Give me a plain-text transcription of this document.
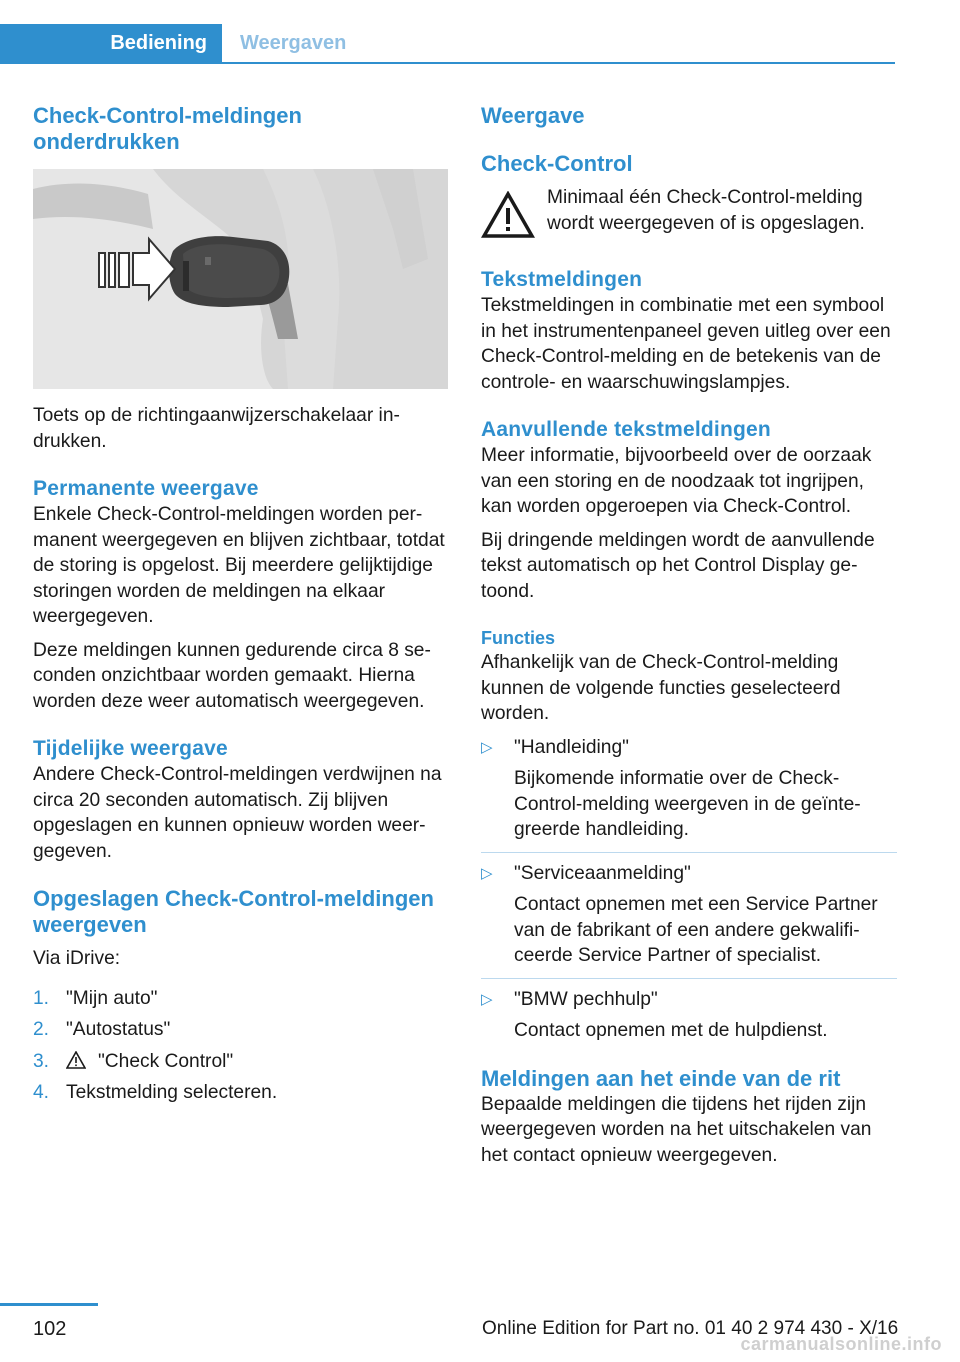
Bediening	Weergaven
Check-Control-meldingen onderdrukken

Toets op de richtingaanwijzerschakelaar indrukken.

Permanente weergave

Enkele Check-Control-meldingen worden permanent weergegeven en blijven zichtbaar, totdat de storing is opgelost. Bij meerdere gelijktijdige storingen worden de meldingen na elkaar weergegeven.

Deze meldingen kunnen gedurende circa 8 seconden onzichtbaar worden gemaakt. Hierna worden deze weer automatisch weergegeven.

Tijdelijke weergave

Andere Check-Control-meldingen verdwijnen na circa 20 seconden automatisch. Zij blijven opgeslagen en kunnen opnieuw worden weergegeven.

Opgeslagen Check-Control-meldingen weergeven

Via iDrive:

1. "Mijn auto"
2. "Autostatus"
3.	"Check Control"
4. Tekstmelding selecteren.
Weergave
Check-Control

Minimaal één Check-Control-melding wordt weergegeven of is opgeslagen.

Tekstmeldingen

Tekstmeldingen in combinatie met een symbool in het instrumentenpaneel geven uitleg over een Check-Control-melding en de betekenis van de controle- en waarschuwingslampjes.

Aanvullende tekstmeldingen

Meer informatie, bijvoorbeeld over de oorzaak van een storing en de noodzaak tot ingrijpen, kan worden opgeroepen via Check-Control.

Bij dringende meldingen wordt de aanvullende tekst automatisch op het Control Display getoond.

Functies

Afhankelijk van de Check-Control-melding kunnen de volgende functies geselecteerd worden.

▷ "Handleiding"
Bijkomende informatie over de Check-Control-melding weergeven in de geïntegreerde handleiding.
▷ "Serviceaanmelding"
Contact opnemen met een Service Partner van de fabrikant of een andere gekwalificeerde Service Partner of specialist.
▷ "BMW pechhulp"
Contact opnemen met de hulpdienst.
Meldingen aan het einde van de rit

Bepaalde meldingen die tijdens het rijden zijn weergegeven worden na het uitschakelen van het contact opnieuw weergegeven.

102	Online Edition for Part no. 01 40 2 974 430 - X/16
carmanualsonline.info
